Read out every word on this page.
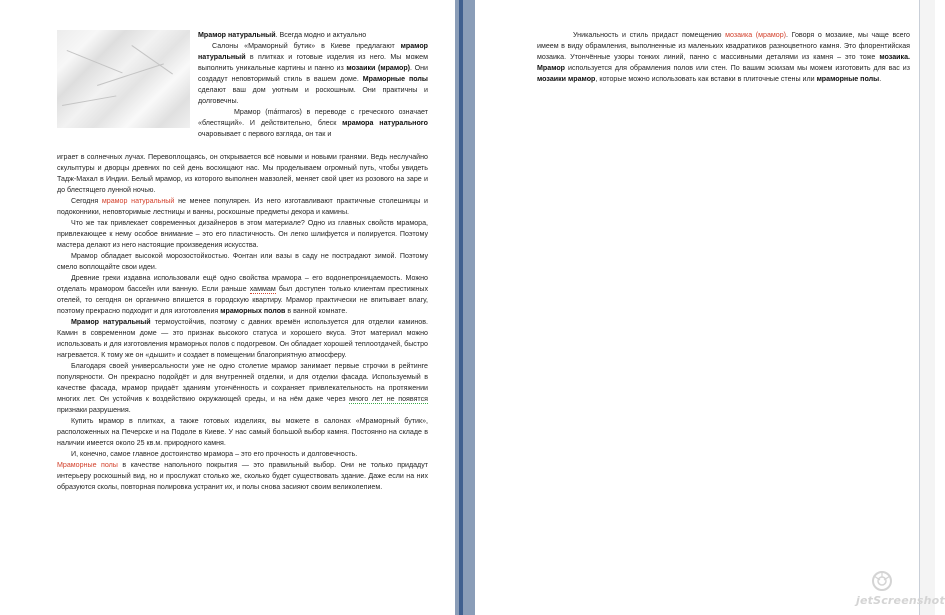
Мрамор натуральный. Всегда модно и актуально

Салоны «Мраморный бутик» в Киеве предлагают мрамор натуральный в плитках и готовые изделия из него. Мы можем выполнить уникальные картины и панно из мозаики (мрамор). Они создадут неповторимый стиль в вашем доме. Мраморные полы сделают ваш дом уютным и роскошным. Они практичны и долговечны.

Мрамор (mármaros) в переводе с греческого означает «блестящий». И действительно, блеск мрамора натурального очаровывает с первого взгляда, он так и

играет в солнечных лучах. Перевоплощаясь, он открывается всё новыми и новыми гранями. Ведь неслучайно скульптуры и дворцы древних по сей день восхищают нас. Мы проделываем огромный путь, чтобы увидеть Тадж-Махал в Индии. Белый мрамор, из которого выполнен мавзолей, меняет свой цвет из розового на заре и до блестящего лунной ночью.

Сегодня мрамор натуральный не менее популярен. Из него изготавливают практичные столешницы и подоконники, неповторимые лестницы и ванны, роскошные предметы декора и камины.

Что же так привлекает современных дизайнеров в этом материале? Одно из главных свойств мрамора, привлекающее к нему особое внимание – это его пластичность. Он легко шлифуется и полируется. Поэтому мастера делают из него настоящие произведения искусства.

Мрамор обладает высокой морозостойкостью. Фонтан или вазы в саду не пострадают зимой. Поэтому смело воплощайте свои идеи.

Древние греки издавна использовали ещё одно свойства мрамора – его водонепроницаемость. Можно отделать мрамором бассейн или ванную. Если раньше хаммам был доступен только клиентам престижных отелей, то сегодня он органично впишется в городскую квартиру. Мрамор практически не впитывает влагу, поэтому прекрасно подходит и для изготовления мраморных полов в ванной комнате.

Мрамор натуральный термоустойчив, поэтому с давних времён используется для отделки каминов. Камин в современном доме — это признак высокого статуса и хорошего вкуса. Этот материал можно использовать и для изготовления мраморных полов с подогревом. Он обладает хорошей теплоотдачей, быстро нагревается. К тому же он «дышит» и создает в помещении благоприятную атмосферу.

Благодаря своей универсальности уже не одно столетие мрамор занимает первые строчки в рейтинге популярности. Он прекрасно подойдёт и для внутренней отделки, и для отделки фасада. Используемый в качестве фасада, мрамор придаёт зданиям утончённость и сохраняет привлекательность на протяжении многих лет. Он устойчив к воздействию окружающей среды, и на нём даже через много лет не появятся признаки разрушения.

Купить мрамор в плитках, а также готовых изделиях, вы можете в салонах «Мраморный бутик», расположенных на Печерске и на Подоле в Киеве. У нас самый большой выбор камня. Постоянно на складе в наличии имеется около 25 кв.м. природного камня.

И, конечно, самое главное достоинство мрамора – это его прочность и долговечность.

Мраморные полы в качестве напольного покрытия — это правильный выбор. Они не только придадут интерьеру роскошный вид, но и прослужат столько же, сколько будет существовать здание. Даже если на них образуются сколы, повторная полировка устранит их, и полы снова засияют своим великолепием.

Уникальность и стиль придаст помещению мозаика (мрамор). Говоря о мозаике, мы чаще всего имеем в виду обрамления, выполненные из маленьких квадратиков разноцветного камня. Это флорентийская мозаика. Утончённые узоры тонких линий, панно с массивными деталями из камня – это тоже мозаика. Мрамор используется для обрамления полов или стен. По вашим эскизам мы можем изготовить для вас из мозаики мрамор, которые можно использовать как вставки в плиточные стены или мраморные полы.

jetScreenshot
